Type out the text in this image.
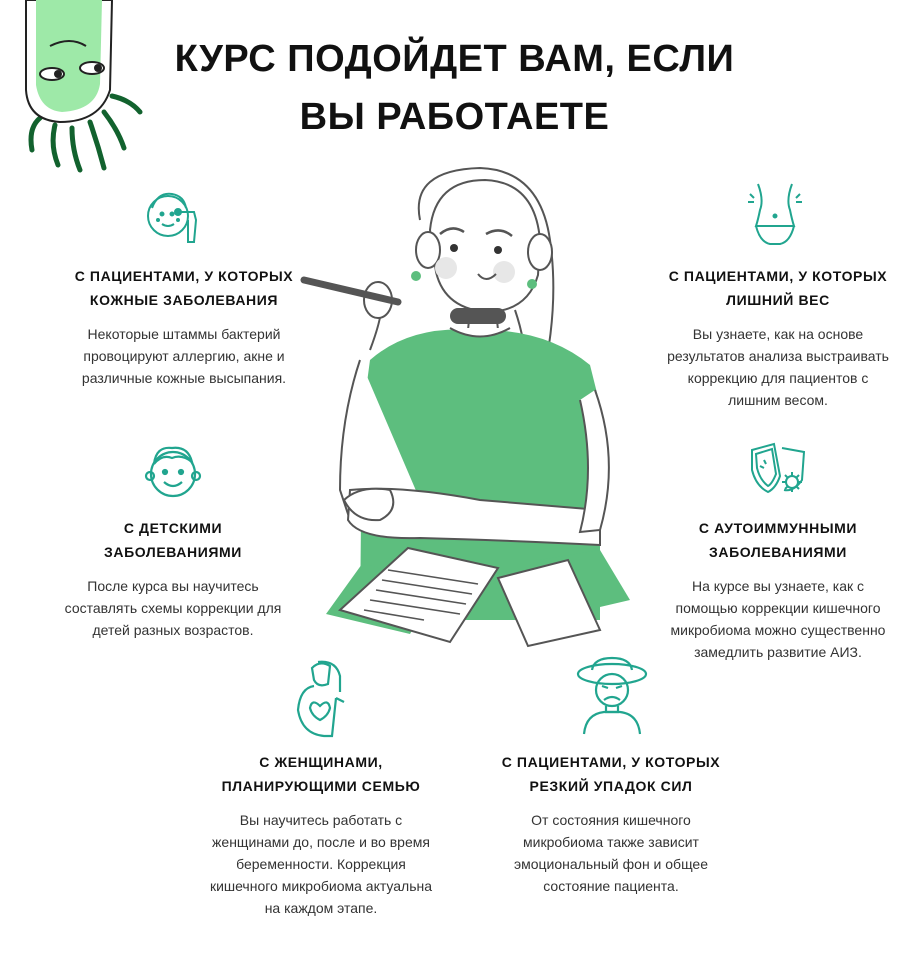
КУРС ПОДОЙДЕТ ВАМ, ЕСЛИ
ВЫ РАБОТАЕТЕ
С ПАЦИЕНТАМИ, У КОТОРЫХ
КОЖНЫЕ ЗАБОЛЕВАНИЯ

Некоторые штаммы бактерий
провоцируют аллергию, акне и
различные кожные высыпания.

С ПАЦИЕНТАМИ, У КОТОРЫХ
ЛИШНИЙ ВЕС

Вы узнаете, как на основе
результатов анализа выстраивать
коррекцию для пациентов с
лишним весом.

С ДЕТСКИМИ
ЗАБОЛЕВАНИЯМИ

После курса вы научитесь
составлять схемы коррекции для
детей разных возрастов.

С АУТОИММУННЫМИ
ЗАБОЛЕВАНИЯМИ

На курсе вы узнаете, как с
помощью коррекции кишечного
микробиома можно существенно
замедлить развитие АИЗ.

С ЖЕНЩИНАМИ,
ПЛАНИРУЮЩИМИ СЕМЬЮ

Вы научитесь работать с
женщинами до, после и во время
беременности. Коррекция
кишечного микробиома актуальна
на каждом этапе.

С ПАЦИЕНТАМИ, У КОТОРЫХ
РЕЗКИЙ УПАДОК СИЛ

От состояния кишечного
микробиома также зависит
эмоциональный фон и общее
состояние пациента.
